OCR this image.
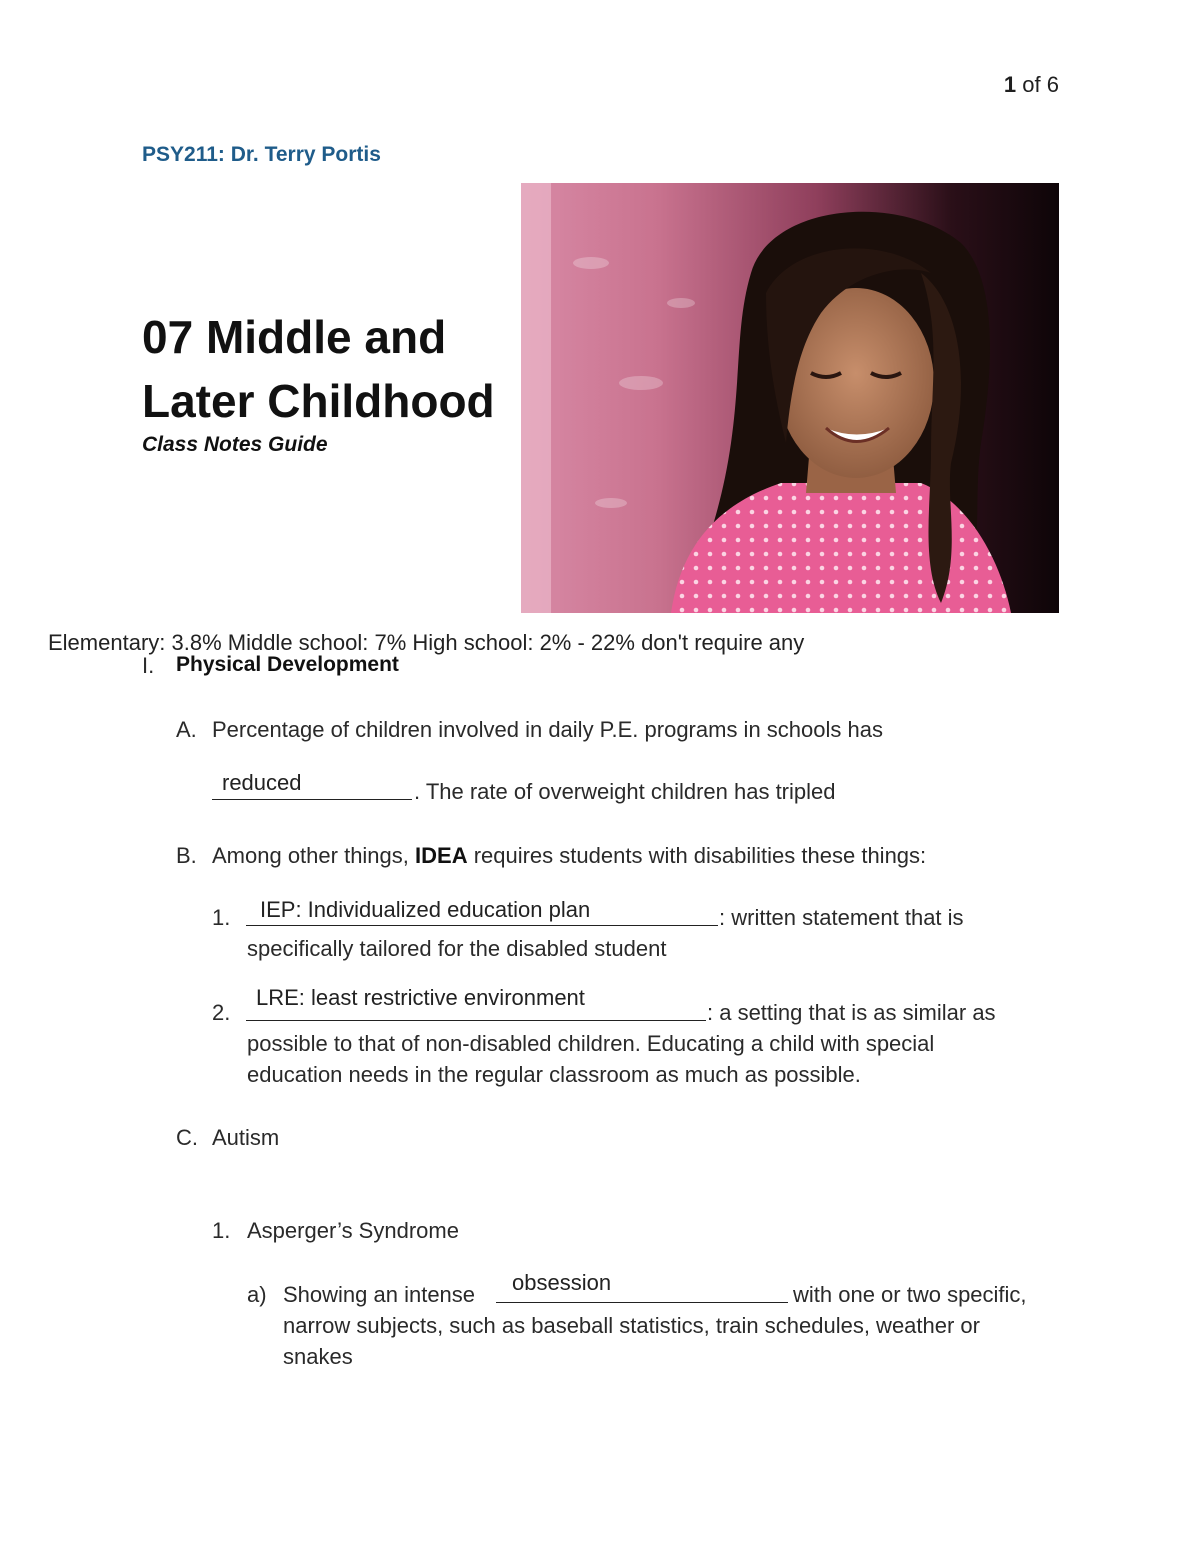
1 of 6
PSY211: Dr. Terry Portis
07 Middle and
Later Childhood
Class Notes Guide
Elementary: 3.8% Middle school: 7% High school: 2% - 22% don't require any
I. Physical Development
A. Percentage of children involved in daily P.E. programs in schools has
reduced	. The rate of overweight children has tripled
B. Among other things, IDEA requires students with disabilities these things:
1. IEP: Individualized education plan	: written statement that is
specifically tailored for the disabled student
2.
LRE: least restrictive environment
: a setting that is as similar as
possible to that of non-disabled children. Educating a child with special
education needs in the regular classroom as much as possible.
C. Autism
1. Asperger’s Syndrome
a) Showing an intense obsession	with one or two specific,
narrow subjects, such as baseball statistics, train schedules, weather or
snakes
